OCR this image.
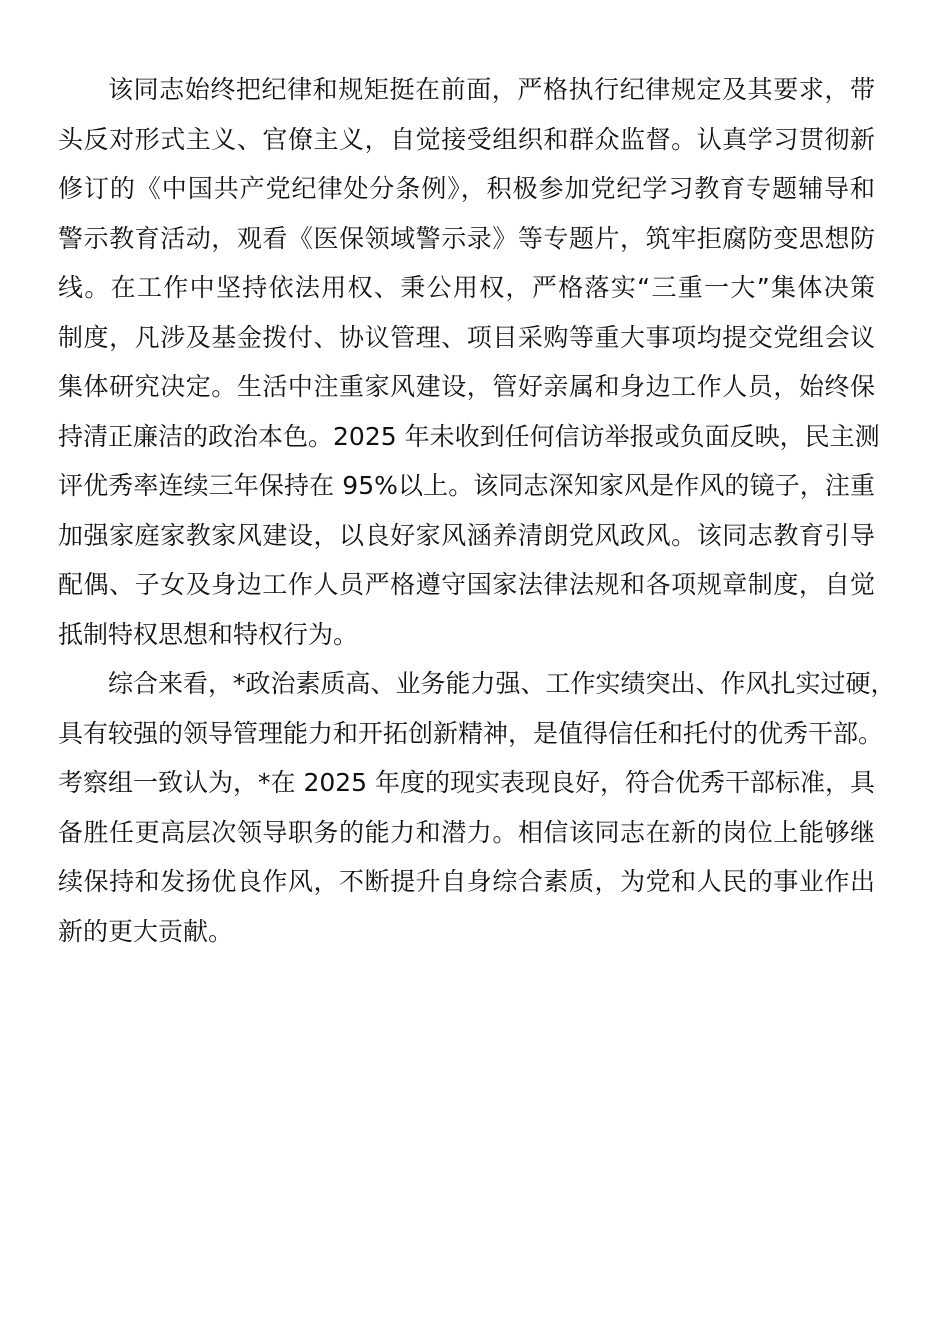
该同志始终把纪律和规矩挺在前面，严格执行纪律规定及其要求，带
头反对形式主义、官僚主义，自觉接受组织和群众监督。认真学习贯彻新
修订的《中国共产党纪律处分条例》，积极参加党纪学习教育专题辅导和
警示教育活动，观看《医保领域警示录》等专题片，筑牢拒腐防变思想防
线。在工作中坚持依法用权、秉公用权，严格落实“三重一大”集体决策
制度，凡涉及基金拨付、协议管理、项目采购等重大事项均提交党组会议
集体研究决定。生活中注重家风建设，管好亲属和身边工作人员，始终保
持清正廉洁的政治本色。2025 年未收到任何信访举报或负面反映，民主测
评优秀率连续三年保持在 95%以上。该同志深知家风是作风的镜子，注重
加强家庭家教家风建设，以良好家风涵养清朗党风政风。该同志教育引导
配偶、子女及身边工作人员严格遵守国家法律法规和各项规章制度，自觉
抵制特权思想和特权行为。
综合来看，*政治素质高、业务能力强、工作实绩突出、作风扎实过硬，
具有较强的领导管理能力和开拓创新精神，是值得信任和托付的优秀干部。
考察组一致认为，*在 2025 年度的现实表现良好，符合优秀干部标准，具
备胜任更高层次领导职务的能力和潜力。相信该同志在新的岗位上能够继
续保持和发扬优良作风，不断提升自身综合素质，为党和人民的事业作出
新的更大贡献。
